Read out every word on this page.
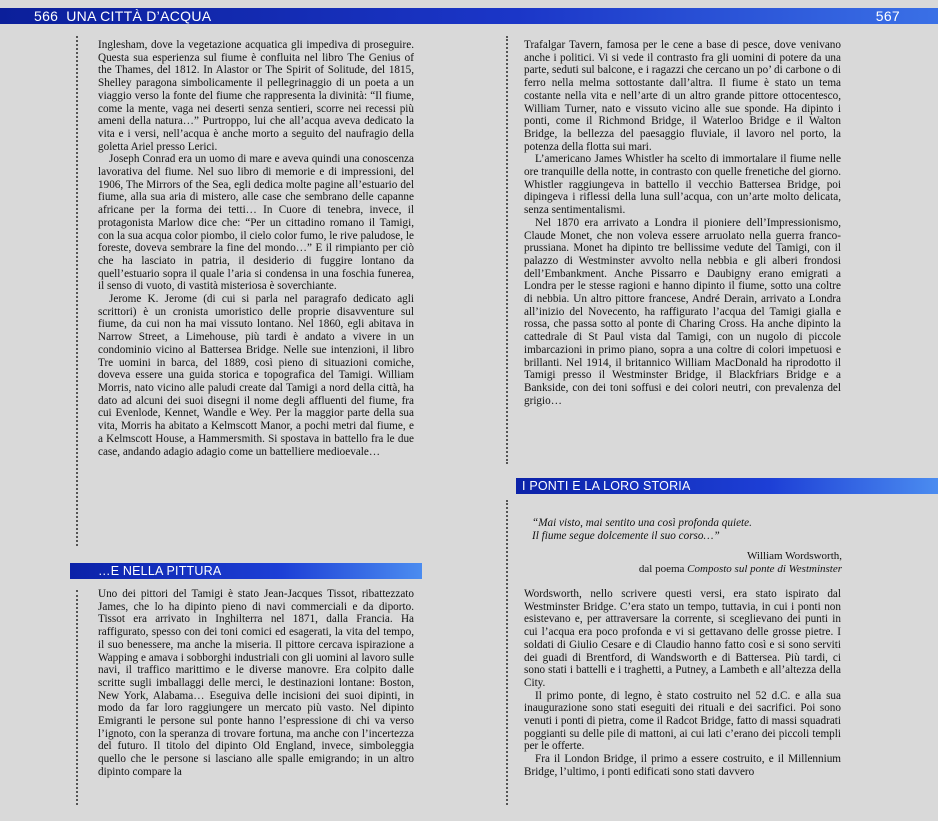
566 UNA CITTÀ D’ACQUA	567

Inglesham, dove la vegetazione acquatica gli impediva di proseguire. Questa sua esperienza sul fiume è confluita nel libro The Genius of the Thames, del 1812. In Alastor or The Spirit of Solitude, del 1815, Shelley paragona simbolicamente il pellegrinaggio di un poeta a un viaggio verso la fonte del fiume che rappresenta la divinità: “Il fiume, come la mente, vaga nei deserti senza sentieri, scorre nei recessi più ameni della natura…” Purtroppo, lui che all’acqua aveva dedicato la vita e i versi, nell’acqua è anche morto a seguito del naufragio della goletta Ariel presso Lerici.

Joseph Conrad era un uomo di mare e aveva quindi una conoscenza lavorativa del fiume. Nel suo libro di memorie e di impressioni, del 1906, The Mirrors of the Sea, egli dedica molte pagine all’estuario del fiume, alla sua aria di mistero, alle case che sembrano delle capanne africane per la forma dei tetti… In Cuore di tenebra, invece, il protagonista Marlow dice che: “Per un cittadino romano il Tamigi, con la sua acqua color piombo, il cielo color fumo, le rive paludose, le foreste, doveva sembrare la fine del mondo…” E il rimpianto per ciò che ha lasciato in patria, il desiderio di fuggire lontano da quell’estuario sopra il quale l’aria si condensa in una foschia funerea, il senso di vuoto, di vastità misteriosa è soverchiante.

Jerome K. Jerome (di cui si parla nel paragrafo dedicato agli scrittori) è un cronista umoristico delle proprie disavventure sul fiume, da cui non ha mai vissuto lontano. Nel 1860, egli abitava in Narrow Street, a Limehouse, più tardi è andato a vivere in un condominio vicino al Battersea Bridge. Nelle sue intenzioni, il libro Tre uomini in barca, del 1889, così pieno di situazioni comiche, doveva essere una guida storica e topografica del Tamigi. William Morris, nato vicino alle paludi create dal Tamigi a nord della città, ha dato ad alcuni dei suoi disegni il nome degli affluenti del fiume, fra cui Evenlode, Kennet, Wandle e Wey. Per la maggior parte della sua vita, Morris ha abitato a Kelmscott Manor, a pochi metri dal fiume, e a Kelmscott House, a Hammersmith. Si spostava in battello fra le due case, andando adagio adagio come un battelliere medioevale…

…E NELLA PITTURA

Uno dei pittori del Tamigi è stato Jean-Jacques Tissot, ribattezzato James, che lo ha dipinto pieno di navi commerciali e da diporto. Tissot era arrivato in Inghilterra nel 1871, dalla Francia. Ha raffigurato, spesso con dei toni comici ed esagerati, la vita del tempo, il suo benessere, ma anche la miseria. Il pittore cercava ispirazione a Wapping e amava i sobborghi industriali con gli uomini al lavoro sulle navi, il traffico marittimo e le diverse manovre. Era colpito dalle scritte sugli imballaggi delle merci, le destinazioni lontane: Boston, New York, Alabama… Eseguiva delle incisioni dei suoi dipinti, in modo da far loro raggiungere un mercato più vasto. Nel dipinto Emigranti le persone sul ponte hanno l’espressione di chi va verso l’ignoto, con la speranza di trovare fortuna, ma anche con l’incertezza del futuro. Il titolo del dipinto Old England, invece, simboleggia quello che le persone si lasciano alle spalle emigrando; in un altro dipinto compare la

Trafalgar Tavern, famosa per le cene a base di pesce, dove venivano anche i politici. Vi si vede il contrasto fra gli uomini di potere da una parte, seduti sul balcone, e i ragazzi che cercano un po’ di carbone o di ferro nella melma sottostante dall’altra. Il fiume è stato un tema costante nella vita e nell’arte di un altro grande pittore ottocentesco, William Turner, nato e vissuto vicino alle sue sponde. Ha dipinto i ponti, come il Richmond Bridge, il Waterloo Bridge e il Walton Bridge, la bellezza del paesaggio fluviale, il lavoro nel porto, la potenza della flotta sui mari.

L’americano James Whistler ha scelto di immortalare il fiume nelle ore tranquille della notte, in contrasto con quelle frenetiche del giorno. Whistler raggiungeva in battello il vecchio Battersea Bridge, poi dipingeva i riflessi della luna sull’acqua, con un’arte molto delicata, senza sentimentalismi.

Nel 1870 era arrivato a Londra il pioniere dell’Impressionismo, Claude Monet, che non voleva essere arruolato nella guerra franco-prussiana. Monet ha dipinto tre bellissime vedute del Tamigi, con il palazzo di Westminster avvolto nella nebbia e gli alberi frondosi dell’Embankment. Anche Pissarro e Daubigny erano emigrati a Londra per le stesse ragioni e hanno dipinto il fiume, sotto una coltre di nebbia. Un altro pittore francese, André Derain, arrivato a Londra all’inizio del Novecento, ha raffigurato l’acqua del Tamigi gialla e rossa, che passa sotto al ponte di Charing Cross. Ha anche dipinto la cattedrale di St Paul vista dal Tamigi, con un nugolo di piccole imbarcazioni in primo piano, sopra a una coltre di colori impetuosi e brillanti. Nel 1914, il britannico William MacDonald ha riprodotto il Tamigi presso il Westminster Bridge, il Blackfriars Bridge e a Bankside, con dei toni soffusi e dei colori neutri, con prevalenza del grigio…

I PONTI E LA LORO STORIA
“Mai visto, mai sentito una così profonda quiete.
Il fiume segue dolcemente il suo corso…”
William Wordsworth,
dal poema Composto sul ponte di Westminster

Wordsworth, nello scrivere questi versi, era stato ispirato dal Westminster Bridge. C’era stato un tempo, tuttavia, in cui i ponti non esistevano e, per attraversare la corrente, si sceglievano dei punti in cui l’acqua era poco profonda e vi si gettavano delle grosse pietre. I soldati di Giulio Cesare e di Claudio hanno fatto così e si sono serviti dei guadi di Brentford, di Wandsworth e di Battersea. Più tardi, ci sono stati i battelli e i traghetti, a Putney, a Lambeth e all’altezza della City.

Il primo ponte, di legno, è stato costruito nel 52 d.C. e alla sua inaugurazione sono stati eseguiti dei rituali e dei sacrifici. Poi sono venuti i ponti di pietra, come il Radcot Bridge, fatto di massi squadrati poggianti su delle pile di mattoni, ai cui lati c’erano dei piccoli templi per le offerte.

Fra il London Bridge, il primo a essere costruito, e il Millennium Bridge, l’ultimo, i ponti edificati sono stati davvero
